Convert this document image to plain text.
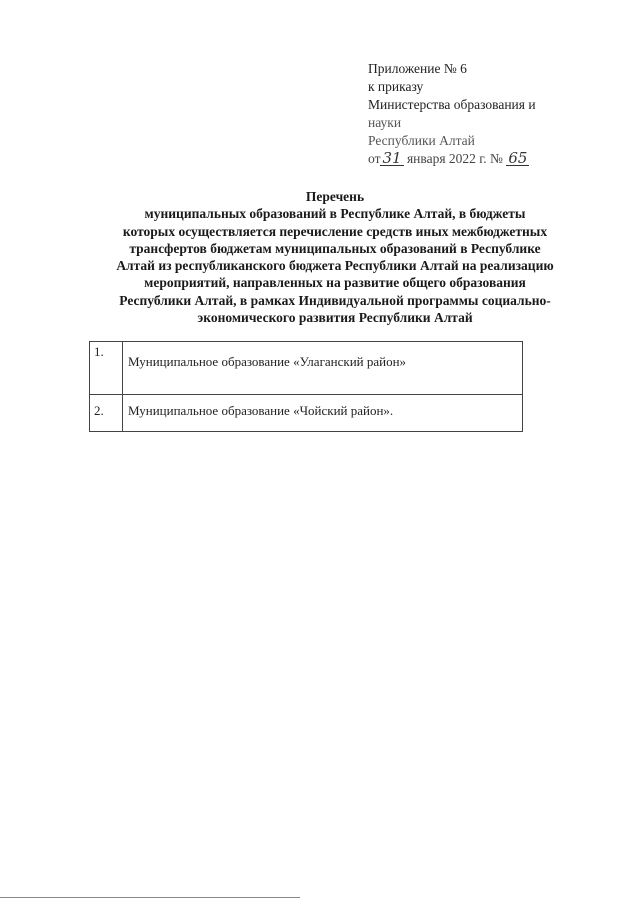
Приложение № 6
к приказу
Министерства образования и
науки
Республики Алтай
от 31 января 2022 г. № 65
Перечень
муниципальных образований в Республике Алтай, в бюджеты
которых осуществляется перечисление средств иных межбюджетных
трансфертов бюджетам муниципальных образований в Республике
Алтай из республиканского бюджета Республики Алтай на реализацию
мероприятий, направленных на развитие общего образования
Республики Алтай, в рамках Индивидуальной программы социально-
экономического развития Республики Алтай
1.	Муниципальное образование «Улаганский район»
2.	Муниципальное образование «Чойский район».
